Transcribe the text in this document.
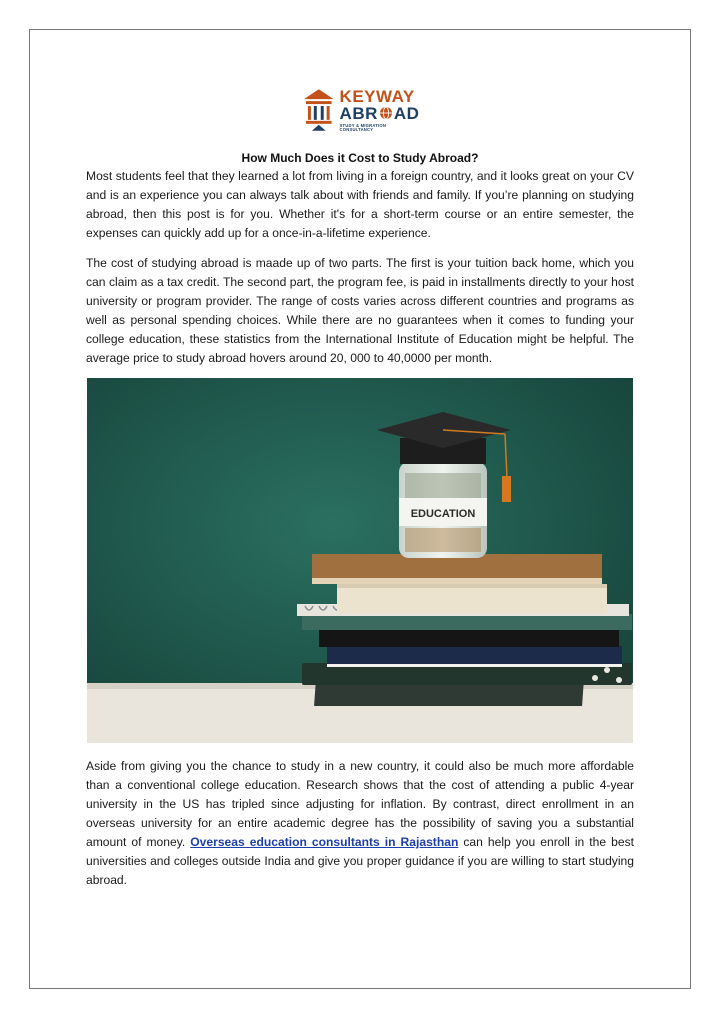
KEYWAY
ABR AD
STUDY & MIGRATION CONSULTANCY
How Much Does it Cost to Study Abroad?

Most students feel that they learned a lot from living in a foreign country, and it looks great on your CV and is an experience you can always talk about with friends and family. If you’re planning on studying abroad, then this post is for you. Whether it's for a short-term course or an entire semester, the expenses can quickly add up for a once-in-a-lifetime experience.

The cost of studying abroad is maade up of two parts. The first is your tuition back home, which you can claim as a tax credit. The second part, the program fee, is paid in installments directly to your host university or program provider. The range of costs varies across different countries and programs as well as personal spending choices. While there are no guarantees when it comes to funding your college education, these statistics from the International Institute of Education might be helpful. The average price to study abroad hovers around 20, 000 to 40,0000 per month.

EDUCATION

Aside from giving you the chance to study in a new country, it could also be much more affordable than a conventional college education. Research shows that the cost of attending a public 4-year university in the US has tripled since adjusting for inflation. By contrast, direct enrollment in an overseas university for an entire academic degree has the possibility of saving you a substantial amount of money. Overseas education consultants in Rajasthan can help you enroll in the best universities and colleges outside India and give you proper guidance if you are willing to start studying abroad.
